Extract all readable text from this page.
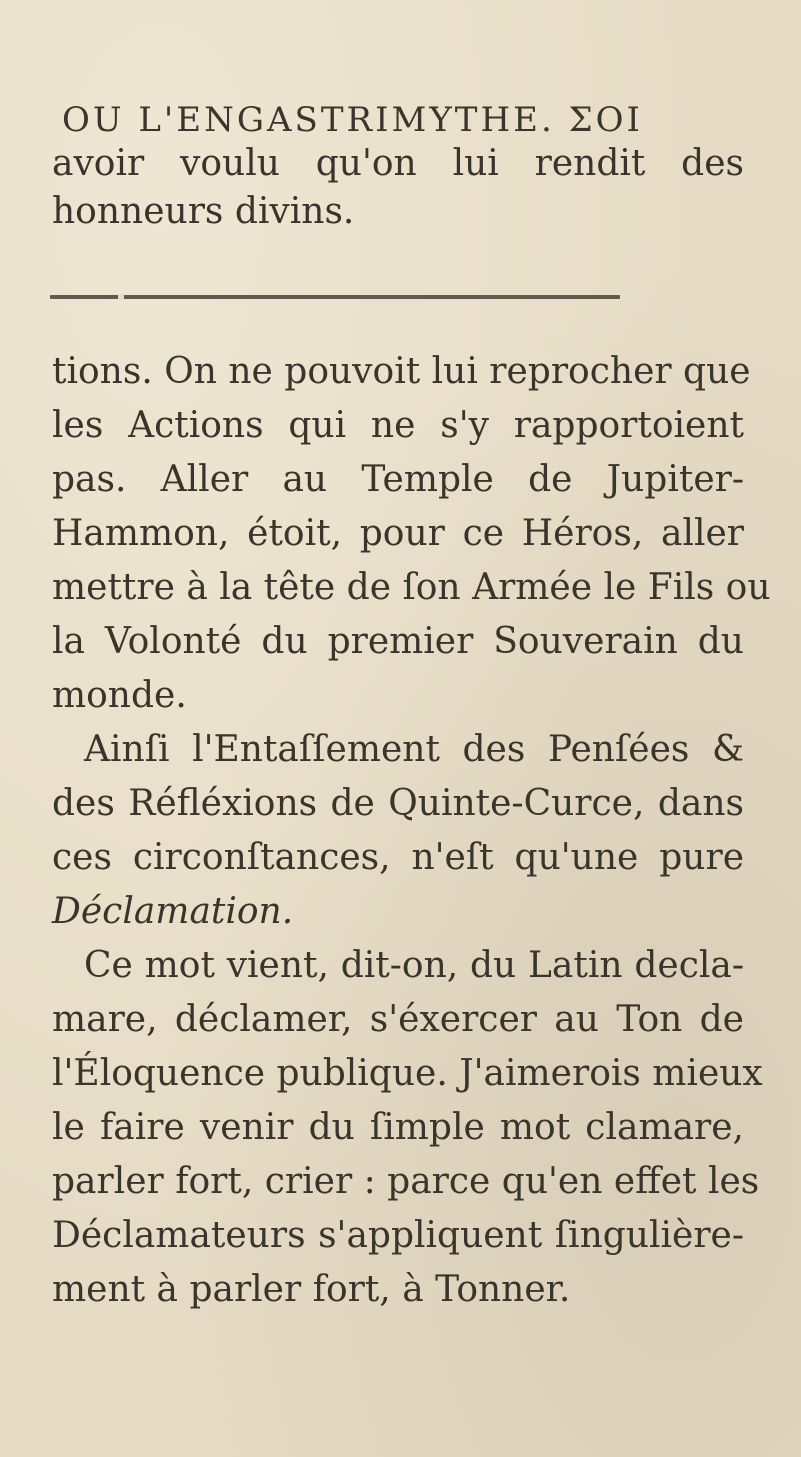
OU L'ENGASTRIMYTHE. ƩOI
avoir voulu qu'on lui rendit des
honneurs divins.
tions. On ne pouvoit lui reprocher que
les Actions qui ne s'y rapportoient
pas. Aller au Temple de Jupiter-
Hammon, étoit, pour ce Héros, aller
mettre à la tête de ſon Armée le Fils ou
la Volonté du premier Souverain du
monde.
Ainſi l'Entaſſement des Penſées &
des Réfléxions de Quinte-Curce, dans
ces circonſtances, n'eſt qu'une pure
Déclamation.
Ce mot vient, dit-on, du Latin decla-
mare, déclamer, s'éxercer au Ton de
l'Éloquence publique. J'aimerois mieux
le faire venir du ſimple mot clamare,
parler fort, crier : parce qu'en effet les
Déclamateurs s'appliquent ſingulière-
ment à parler fort, à Tonner.
